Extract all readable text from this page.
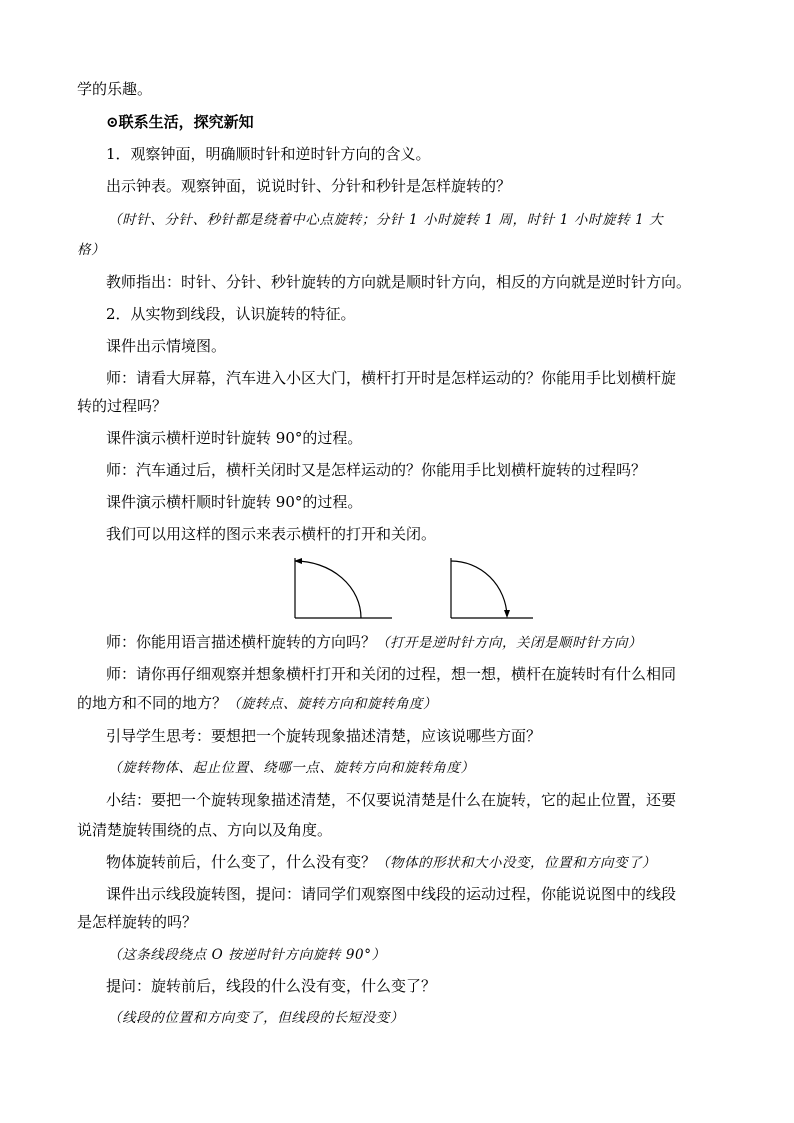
学的乐趣。
⊙联系生活，探究新知
1．观察钟面，明确顺时针和逆时针方向的含义。
出示钟表。观察钟面，说说时针、分针和秒针是怎样旋转的？
（时针、分针、秒针都是绕着中心点旋转；分针 1 小时旋转 1 周，时针 1 小时旋转 1 大
格）
教师指出：时针、分针、秒针旋转的方向就是顺时针方向，相反的方向就是逆时针方向。
2．从实物到线段，认识旋转的特征。
课件出示情境图。
师：请看大屏幕，汽车进入小区大门，横杆打开时是怎样运动的？你能用手比划横杆旋
转的过程吗？
课件演示横杆逆时针旋转 90°的过程。
师：汽车通过后，横杆关闭时又是怎样运动的？你能用手比划横杆旋转的过程吗？
课件演示横杆顺时针旋转 90°的过程。
我们可以用这样的图示来表示横杆的打开和关闭。
师：你能用语言描述横杆旋转的方向吗？（打开是逆时针方向，关闭是顺时针方向）
师：请你再仔细观察并想象横杆打开和关闭的过程，想一想，横杆在旋转时有什么相同
的地方和不同的地方？（旋转点、旋转方向和旋转角度）
引导学生思考：要想把一个旋转现象描述清楚，应该说哪些方面？
（旋转物体、起止位置、绕哪一点、旋转方向和旋转角度）
小结：要把一个旋转现象描述清楚，不仅要说清楚是什么在旋转，它的起止位置，还要
说清楚旋转围绕的点、方向以及角度。
物体旋转前后，什么变了，什么没有变？（物体的形状和大小没变，位置和方向变了）
课件出示线段旋转图，提问：请同学们观察图中线段的运动过程，你能说说图中的线段
是怎样旋转的吗？
（这条线段绕点 O 按逆时针方向旋转 90°）
提问：旋转前后，线段的什么没有变，什么变了？
（线段的位置和方向变了，但线段的长短没变）
